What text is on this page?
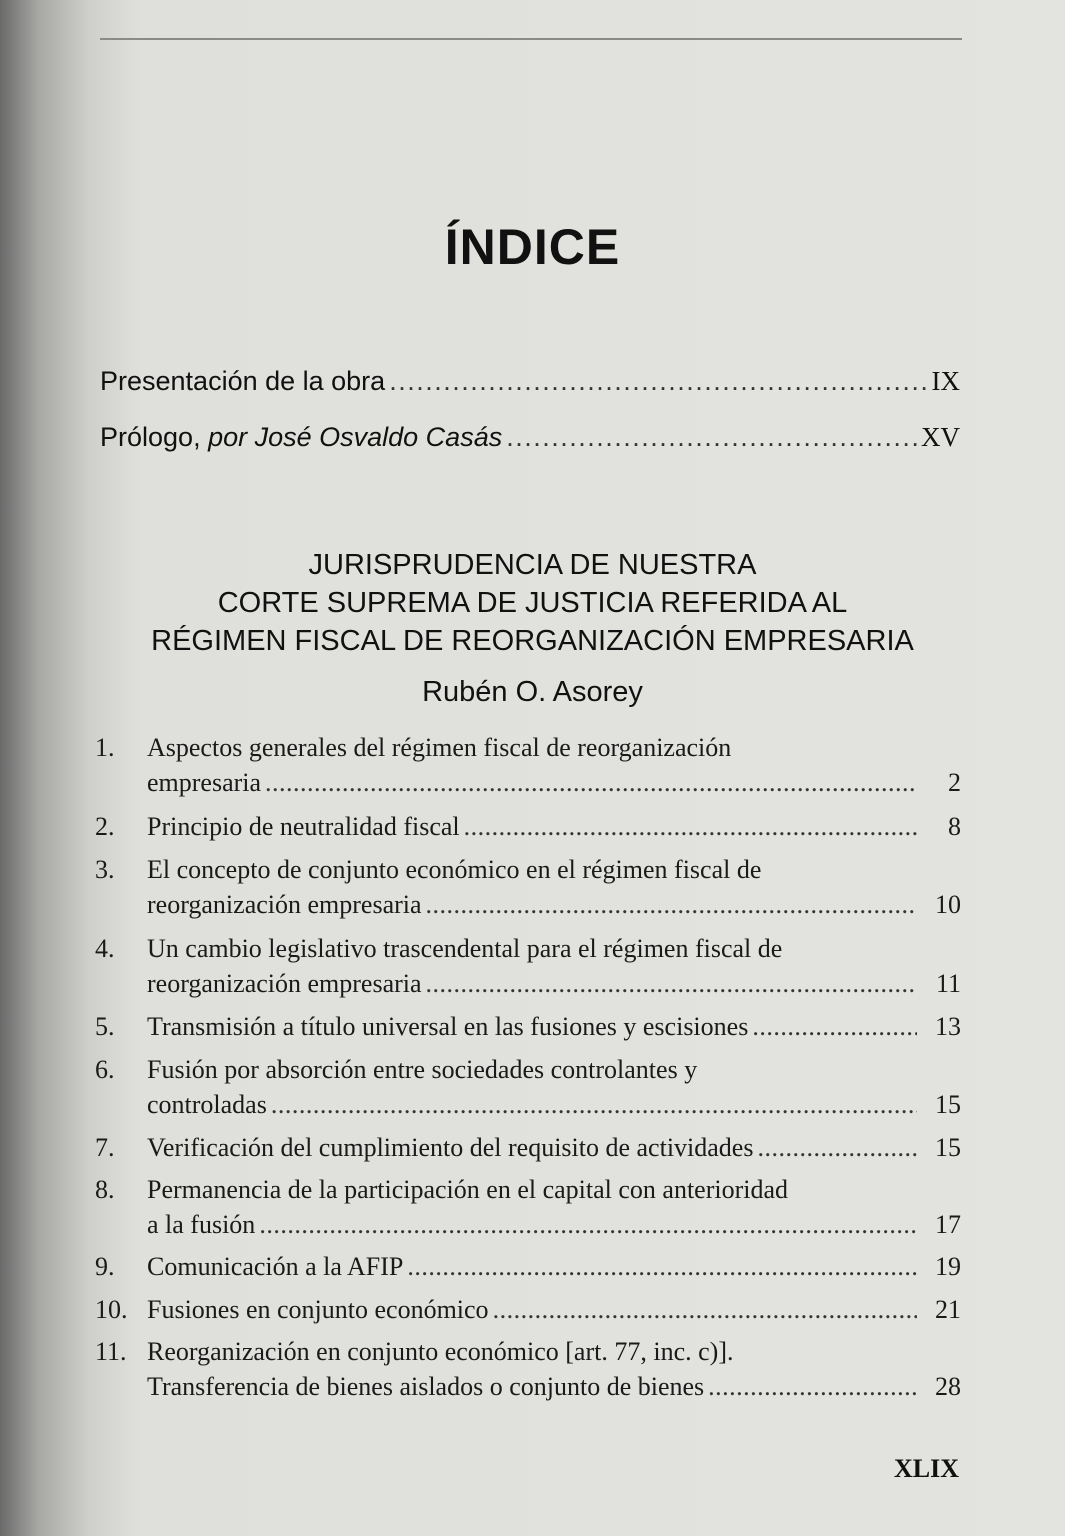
ÍNDICE
Presentación de la obra . . .	IX
Prólogo, por José Osvaldo Casás . . .	XV
JURISPRUDENCIA DE NUESTRA
CORTE SUPREMA DE JUSTICIA REFERIDA AL
RÉGIMEN FISCAL DE REORGANIZACIÓN EMPRESARIA
Rubén O. Asorey
1.	Aspectos generales del régimen fiscal de reorganización
empresaria . . .	2
2.	Principio de neutralidad fiscal . . .	8
3.	El concepto de conjunto económico en el régimen fiscal de
reorganización empresaria . . .	10
4.	Un cambio legislativo trascendental para el régimen fiscal de
reorganización empresaria . . .	11
5.	Transmisión a título universal en las fusiones y escisiones . . .	13
6.	Fusión por absorción entre sociedades controlantes y
controladas . . .	15
7.	Verificación del cumplimiento del requisito de actividades . . .	15
8.	Permanencia de la participación en el capital con anterioridad
a la fusión . . .	17
9.	Comunicación a la AFIP . . .	19
10. Fusiones en conjunto económico . . .	21
11. Reorganización en conjunto económico [art. 77, inc. c)].
Transferencia de bienes aislados o conjunto de bienes . . .	28
XLIX
